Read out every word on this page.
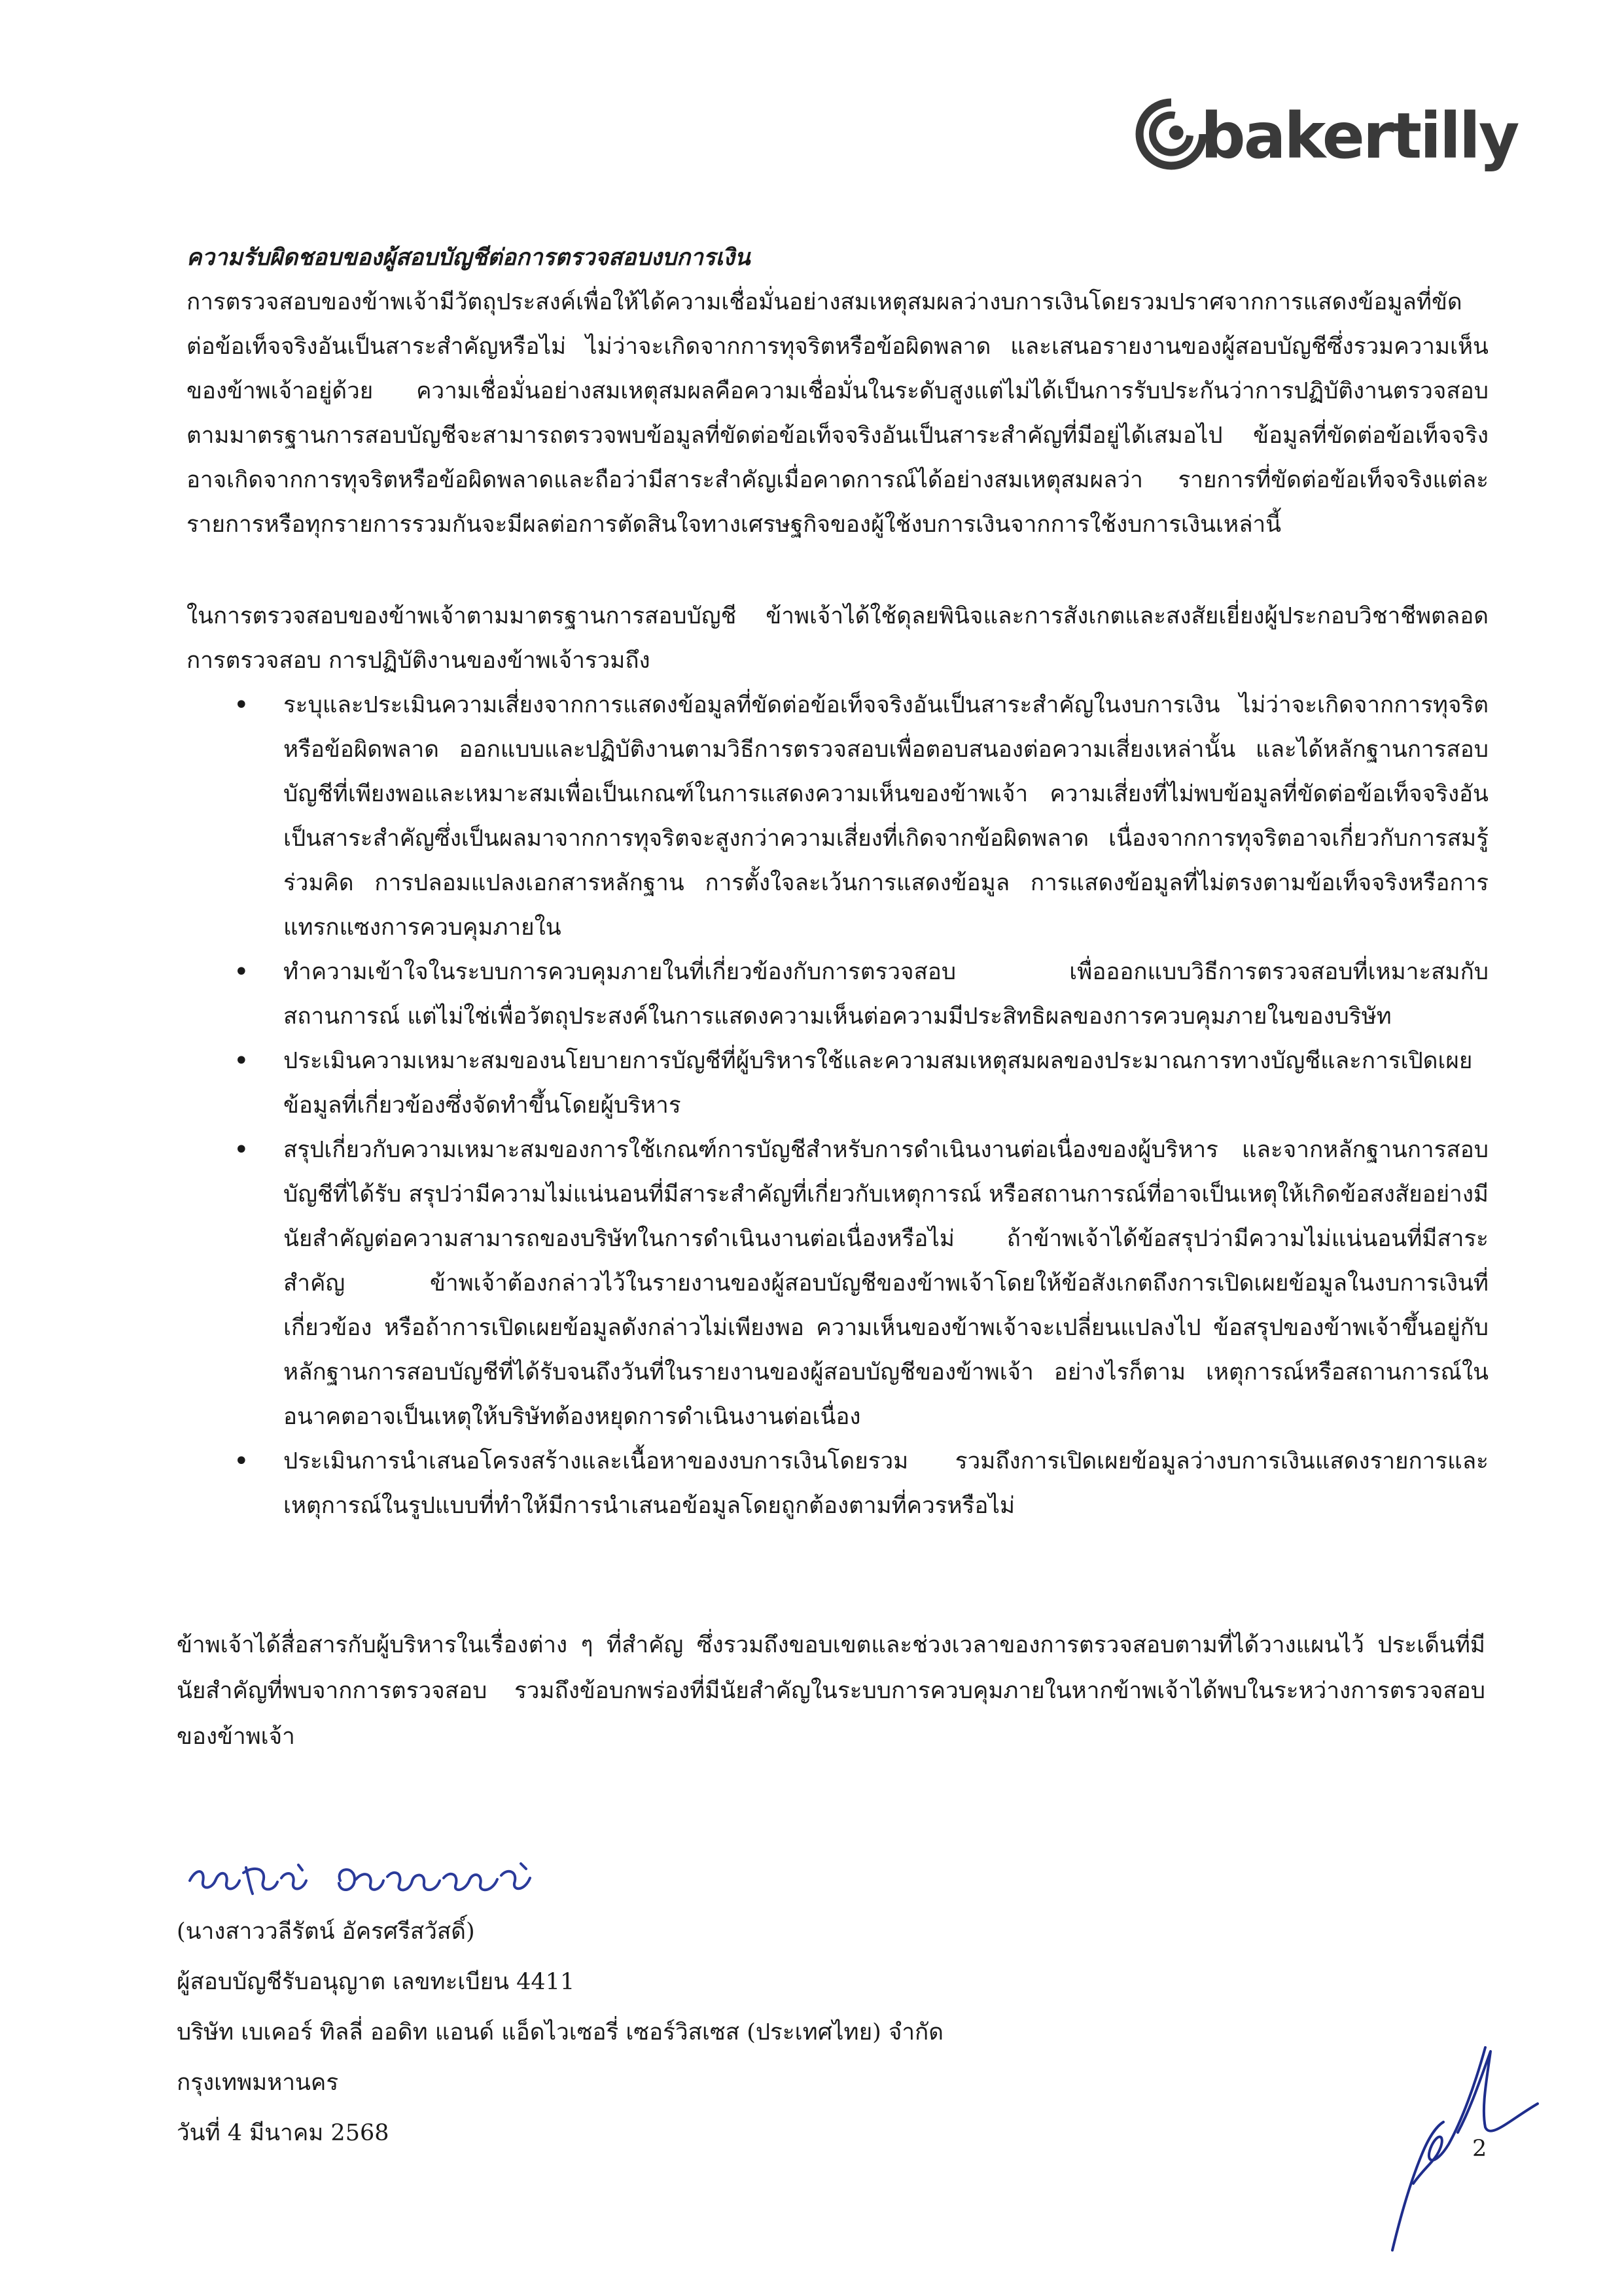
bakertilly

ความรับผิดชอบของผู้สอบบัญชีต่อการตรวจสอบงบการเงิน

การตรวจสอบของข้าพเจ้ามีวัตถุประสงค์เพื่อให้ได้ความเชื่อมั่นอย่างสมเหตุสมผลว่างบการเงินโดยรวมปราศจากการแสดงข้อมูลที่ขัดต่อข้อเท็จจริงอันเป็นสาระสำคัญหรือไม่ ไม่ว่าจะเกิดจากการทุจริตหรือข้อผิดพลาด และเสนอรายงานของผู้สอบบัญชีซึ่งรวมความเห็นของข้าพเจ้าอยู่ด้วย ความเชื่อมั่นอย่างสมเหตุสมผลคือความเชื่อมั่นในระดับสูงแต่ไม่ได้เป็นการรับประกันว่าการปฏิบัติงานตรวจสอบตามมาตรฐานการสอบบัญชีจะสามารถตรวจพบข้อมูลที่ขัดต่อข้อเท็จจริงอันเป็นสาระสำคัญที่มีอยู่ได้เสมอไป ข้อมูลที่ขัดต่อข้อเท็จจริงอาจเกิดจากการทุจริตหรือข้อผิดพลาดและถือว่ามีสาระสำคัญเมื่อคาดการณ์ได้อย่างสมเหตุสมผลว่า รายการที่ขัดต่อข้อเท็จจริงแต่ละรายการหรือทุกรายการรวมกันจะมีผลต่อการตัดสินใจทางเศรษฐกิจของผู้ใช้งบการเงินจากการใช้งบการเงินเหล่านี้

ในการตรวจสอบของข้าพเจ้าตามมาตรฐานการสอบบัญชี ข้าพเจ้าได้ใช้ดุลยพินิจและการสังเกตและสงสัยเยี่ยงผู้ประกอบวิชาชีพตลอดการตรวจสอบ การปฏิบัติงานของข้าพเจ้ารวมถึง

• ระบุและประเมินความเสี่ยงจากการแสดงข้อมูลที่ขัดต่อข้อเท็จจริงอันเป็นสาระสำคัญในงบการเงิน ไม่ว่าจะเกิดจากการทุจริตหรือข้อผิดพลาด ออกแบบและปฏิบัติงานตามวิธีการตรวจสอบเพื่อตอบสนองต่อความเสี่ยงเหล่านั้น และได้หลักฐานการสอบบัญชีที่เพียงพอและเหมาะสมเพื่อเป็นเกณฑ์ในการแสดงความเห็นของข้าพเจ้า ความเสี่ยงที่ไม่พบข้อมูลที่ขัดต่อข้อเท็จจริงอันเป็นสาระสำคัญซึ่งเป็นผลมาจากการทุจริตจะสูงกว่าความเสี่ยงที่เกิดจากข้อผิดพลาด เนื่องจากการทุจริตอาจเกี่ยวกับการสมรู้ร่วมคิด การปลอมแปลงเอกสารหลักฐาน การตั้งใจละเว้นการแสดงข้อมูล การแสดงข้อมูลที่ไม่ตรงตามข้อเท็จจริงหรือการแทรกแซงการควบคุมภายใน
• ทำความเข้าใจในระบบการควบคุมภายในที่เกี่ยวข้องกับการตรวจสอบ เพื่อออกแบบวิธีการตรวจสอบที่เหมาะสมกับสถานการณ์ แต่ไม่ใช่เพื่อวัตถุประสงค์ในการแสดงความเห็นต่อความมีประสิทธิผลของการควบคุมภายในของบริษัท
• ประเมินความเหมาะสมของนโยบายการบัญชีที่ผู้บริหารใช้และความสมเหตุสมผลของประมาณการทางบัญชีและการเปิดเผยข้อมูลที่เกี่ยวข้องซึ่งจัดทำขึ้นโดยผู้บริหาร
• สรุปเกี่ยวกับความเหมาะสมของการใช้เกณฑ์การบัญชีสำหรับการดำเนินงานต่อเนื่องของผู้บริหาร และจากหลักฐานการสอบบัญชีที่ได้รับ สรุปว่ามีความไม่แน่นอนที่มีสาระสำคัญที่เกี่ยวกับเหตุการณ์ หรือสถานการณ์ที่อาจเป็นเหตุให้เกิดข้อสงสัยอย่างมีนัยสำคัญต่อความสามารถของบริษัทในการดำเนินงานต่อเนื่องหรือไม่ ถ้าข้าพเจ้าได้ข้อสรุปว่ามีความไม่แน่นอนที่มีสาระสำคัญ ข้าพเจ้าต้องกล่าวไว้ในรายงานของผู้สอบบัญชีของข้าพเจ้าโดยให้ข้อสังเกตถึงการเปิดเผยข้อมูลในงบการเงินที่เกี่ยวข้อง หรือถ้าการเปิดเผยข้อมูลดังกล่าวไม่เพียงพอ ความเห็นของข้าพเจ้าจะเปลี่ยนแปลงไป ข้อสรุปของข้าพเจ้าขึ้นอยู่กับหลักฐานการสอบบัญชีที่ได้รับจนถึงวันที่ในรายงานของผู้สอบบัญชีของข้าพเจ้า อย่างไรก็ตาม เหตุการณ์หรือสถานการณ์ในอนาคตอาจเป็นเหตุให้บริษัทต้องหยุดการดำเนินงานต่อเนื่อง
• ประเมินการนำเสนอโครงสร้างและเนื้อหาของงบการเงินโดยรวม รวมถึงการเปิดเผยข้อมูลว่างบการเงินแสดงรายการและเหตุการณ์ในรูปแบบที่ทำให้มีการนำเสนอข้อมูลโดยถูกต้องตามที่ควรหรือไม่

ข้าพเจ้าได้สื่อสารกับผู้บริหารในเรื่องต่าง ๆ ที่สำคัญ ซึ่งรวมถึงขอบเขตและช่วงเวลาของการตรวจสอบตามที่ได้วางแผนไว้ ประเด็นที่มีนัยสำคัญที่พบจากการตรวจสอบ รวมถึงข้อบกพร่องที่มีนัยสำคัญในระบบการควบคุมภายในหากข้าพเจ้าได้พบในระหว่างการตรวจสอบของข้าพเจ้า

(นางสาววลีรัตน์ อัครศรีสวัสดิ์)
ผู้สอบบัญชีรับอนุญาต เลขทะเบียน 4411
บริษัท เบเคอร์ ทิลลี่ ออดิท แอนด์ แอ็ดไวเซอรี่ เซอร์วิสเซส (ประเทศไทย) จำกัด
กรุงเทพมหานคร
วันที่ 4 มีนาคม 2568
2
